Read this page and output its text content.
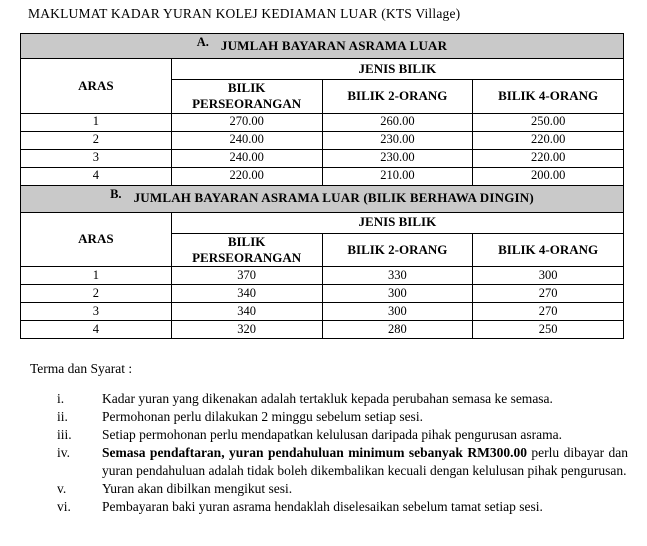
MAKLUMAT KADAR YURAN KOLEJ KEDIAMAN LUAR (KTS Village)
A. JUMLAH BAYARAN ASRAMA LUAR			
ARAS	JENIS BILIK		
	BILIK PERSEORANGAN	BILIK 2-ORANG	BILIK 4-ORANG
1	270.00	260.00	250.00
2	240.00	230.00	220.00
3	240.00	230.00	220.00
4	220.00	210.00	200.00
B. JUMLAH BAYARAN ASRAMA LUAR (BILIK BERHAWA DINGIN)			
ARAS	JENIS BILIK		
	BILIK PERSEORANGAN	BILIK 2-ORANG	BILIK 4-ORANG
1	370	330	300
2	340	300	270
3	340	300	270
4	320	280	250
Terma dan Syarat :
i.	Kadar yuran yang dikenakan adalah tertakluk kepada perubahan semasa ke semasa.
ii.	Permohonan perlu dilakukan 2 minggu sebelum setiap sesi.
iii.	Setiap permohonan perlu mendapatkan kelulusan daripada pihak pengurusan asrama.
iv.	Semasa pendaftaran, yuran pendahuluan minimum sebanyak RM300.00 perlu dibayar dan yuran pendahuluan adalah tidak boleh dikembalikan kecuali dengan kelulusan pihak pengurusan.
v.	Yuran akan dibilkan mengikut sesi.
vi.	Pembayaran baki yuran asrama hendaklah diselesaikan sebelum tamat setiap sesi.
